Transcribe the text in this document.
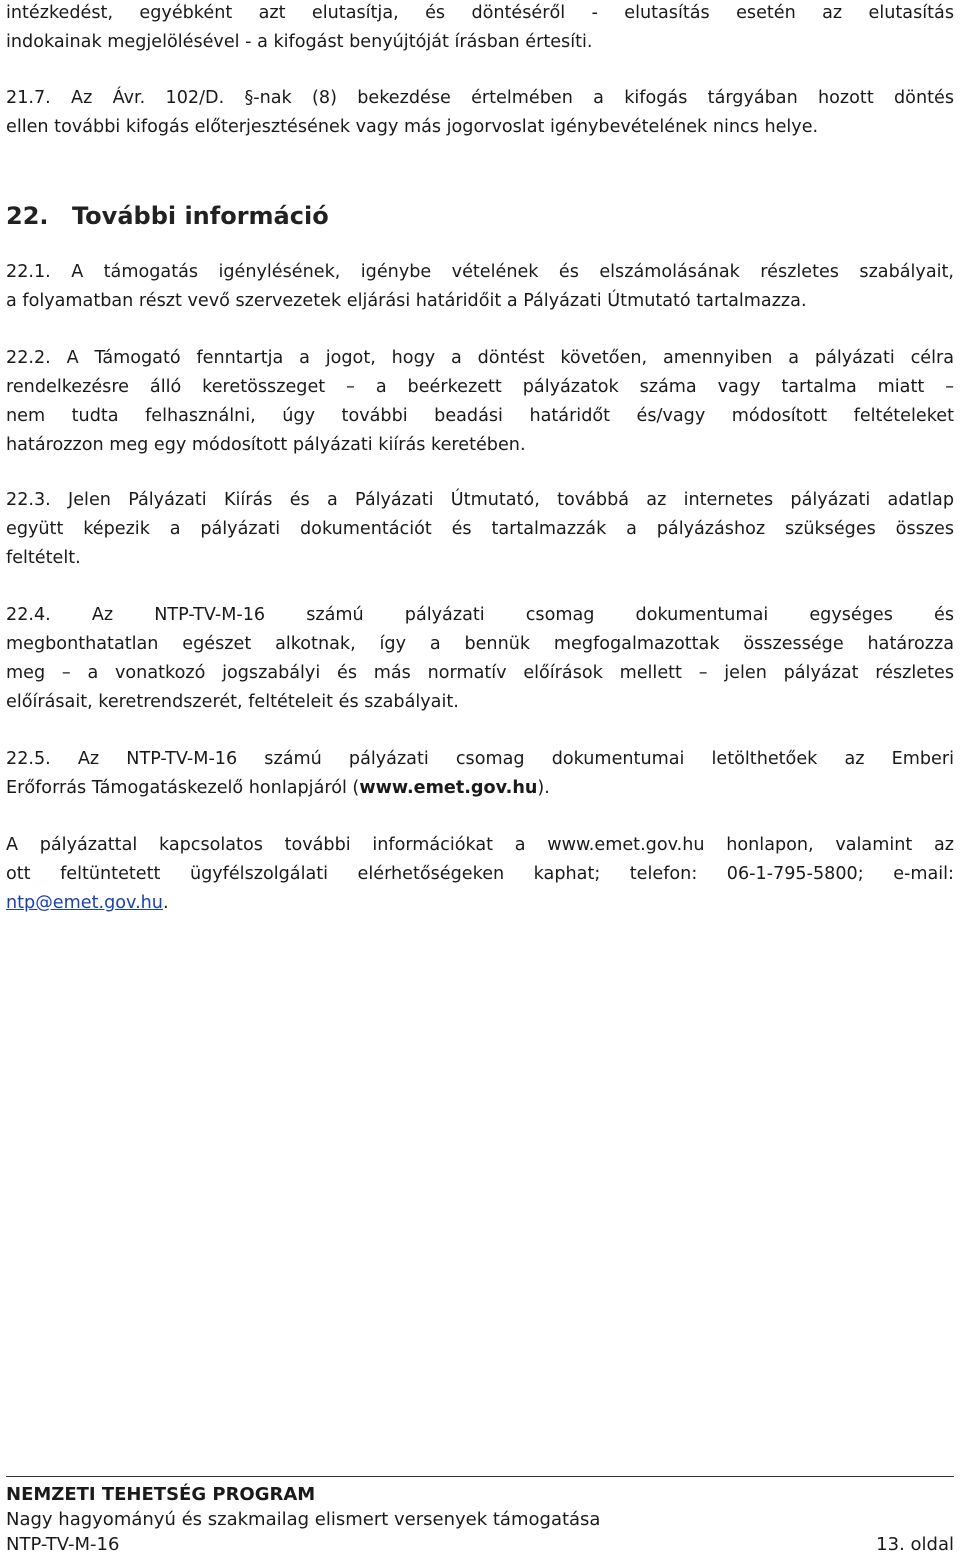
intézkedést, egyébként azt elutasítja, és döntéséről - elutasítás esetén az elutasítás
indokainak megjelölésével - a kifogást benyújtóját írásban értesíti.

21.7. Az Ávr. 102/D. §-nak (8) bekezdése értelmében a kifogás tárgyában hozott döntés
ellen további kifogás előterjesztésének vagy más jogorvoslat igénybevételének nincs helye.

22. További információ

22.1. A támogatás igénylésének, igénybe vételének és elszámolásának részletes szabályait,
a folyamatban részt vevő szervezetek eljárási határidőit a Pályázati Útmutató tartalmazza.

22.2. A Támogató fenntartja a jogot, hogy a döntést követően, amennyiben a pályázati célra
rendelkezésre álló keretösszeget – a beérkezett pályázatok száma vagy tartalma miatt –
nem tudta felhasználni, úgy további beadási határidőt és/vagy módosított feltételeket
határozzon meg egy módosított pályázati kiírás keretében.

22.3. Jelen Pályázati Kiírás és a Pályázati Útmutató, továbbá az internetes pályázati adatlap
együtt képezik a pályázati dokumentációt és tartalmazzák a pályázáshoz szükséges összes
feltételt.

22.4. Az NTP-TV-M-16 számú pályázati csomag dokumentumai egységes és
megbonthatatlan egészet alkotnak, így a bennük megfogalmazottak összessége határozza
meg – a vonatkozó jogszabályi és más normatív előírások mellett – jelen pályázat részletes
előírásait, keretrendszerét, feltételeit és szabályait.

22.5. Az NTP-TV-M-16 számú pályázati csomag dokumentumai letölthetőek az Emberi
Erőforrás Támogatáskezelő honlapjáról (www.emet.gov.hu).

A pályázattal kapcsolatos további információkat a www.emet.gov.hu honlapon, valamint az
ott feltüntetett ügyfélszolgálati elérhetőségeken kaphat; telefon: 06-1-795-5800; e-mail:
ntp@emet.gov.hu.

NEMZETI TEHETSÉG PROGRAM
Nagy hagyományú és szakmailag elismert versenyek támogatása
NTP-TV-M-16	13. oldal
